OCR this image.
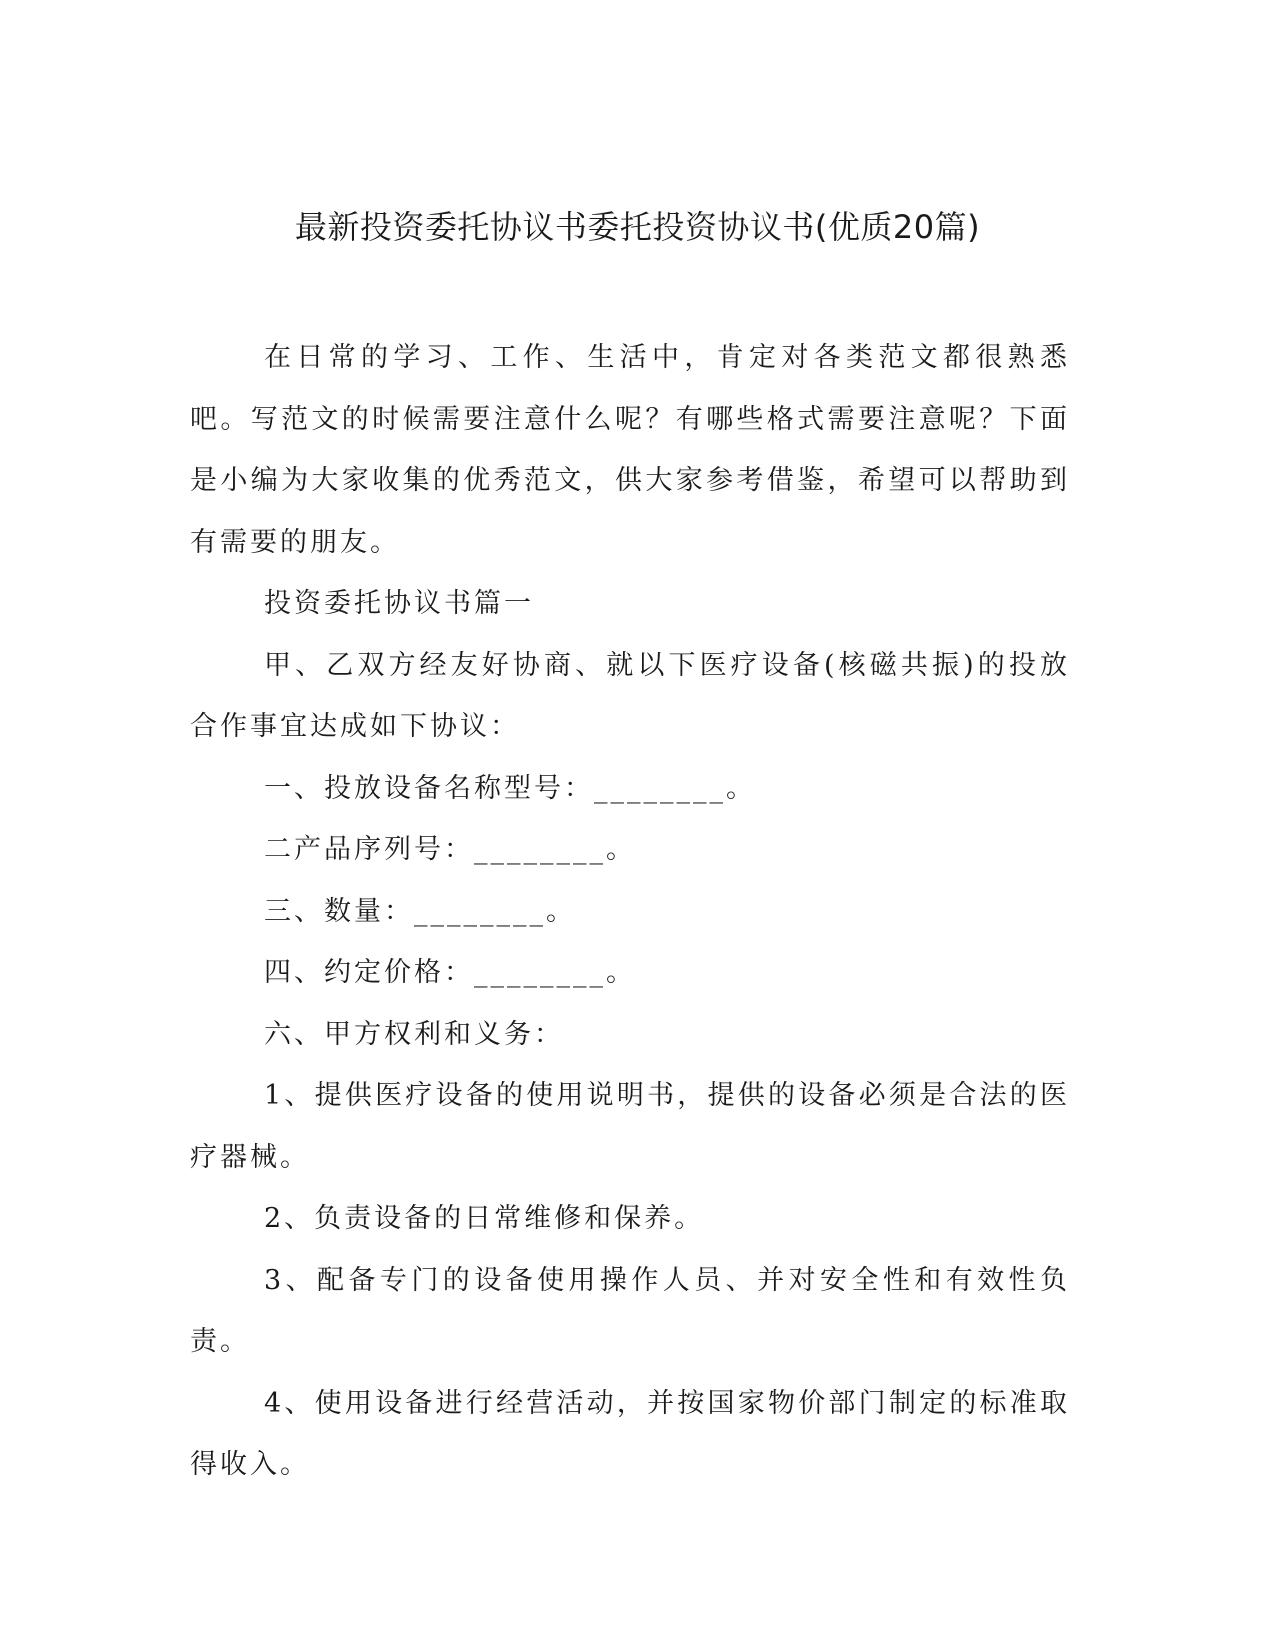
最新投资委托协议书委托投资协议书(优质20篇)

在日常的学习、工作、生活中，肯定对各类范文都很熟悉吧。写范文的时候需要注意什么呢？有哪些格式需要注意呢？下面是小编为大家收集的优秀范文，供大家参考借鉴，希望可以帮助到有需要的朋友。

投资委托协议书篇一

甲、乙双方经友好协商、就以下医疗设备(核磁共振)的投放合作事宜达成如下协议：

一、投放设备名称型号：________。

二产品序列号：________。

三、数量：________。

四、约定价格：________。

六、甲方权利和义务：

1、提供医疗设备的使用说明书，提供的设备必须是合法的医疗器械。

2、负责设备的日常维修和保养。

3、配备专门的设备使用操作人员、并对安全性和有效性负责。

4、使用设备进行经营活动，并按国家物价部门制定的标准取得收入。
